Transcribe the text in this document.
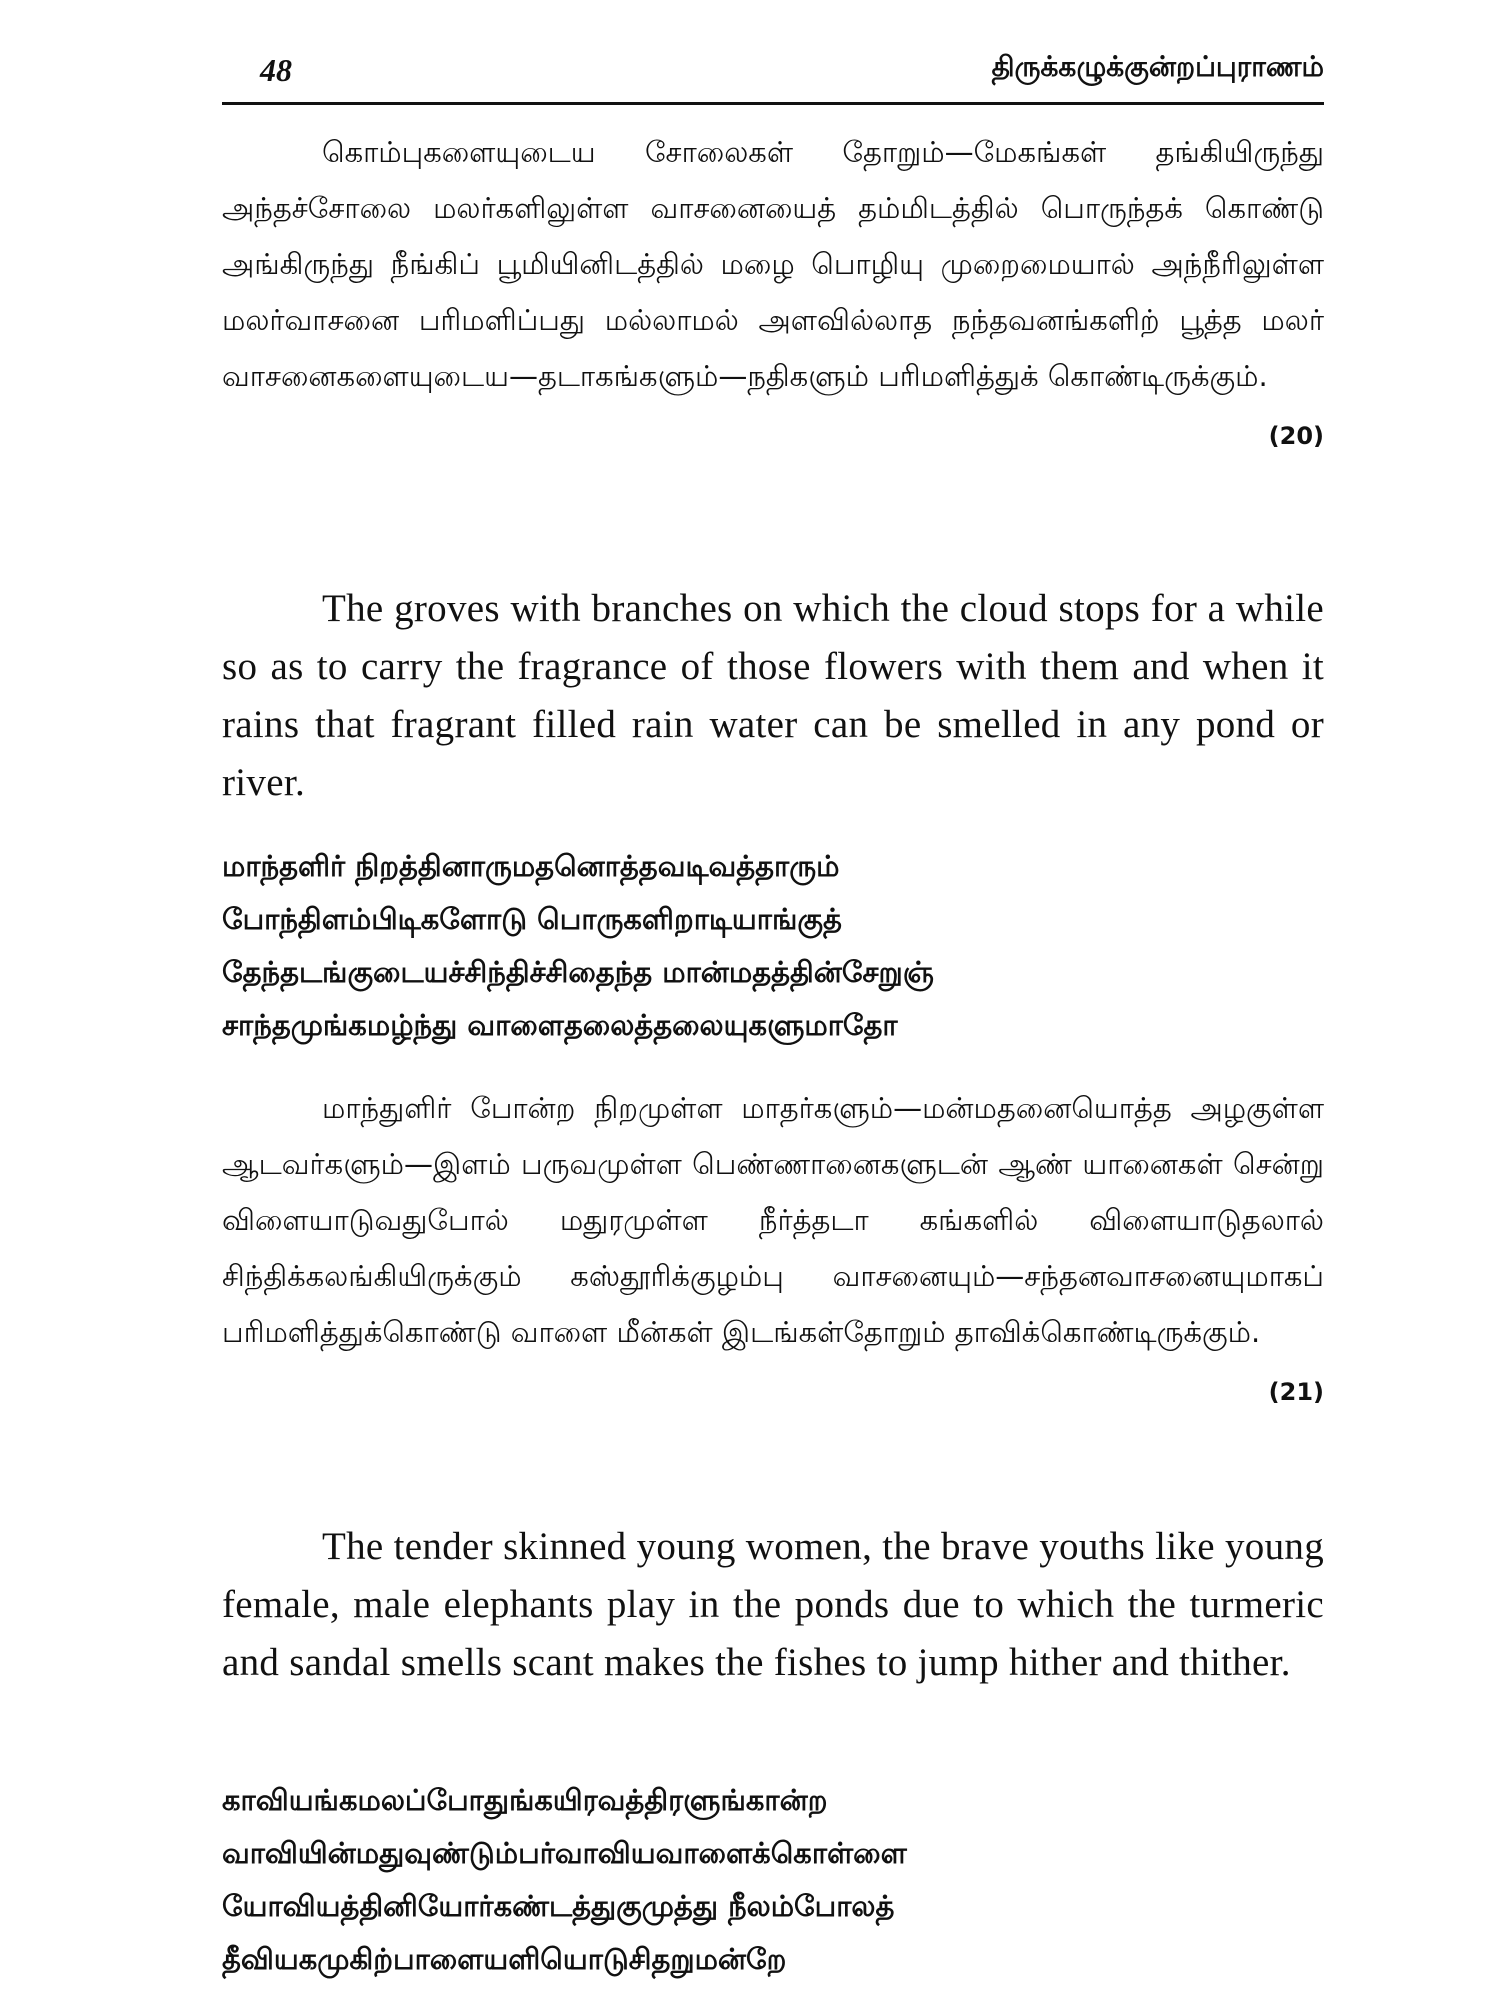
48	திருக்கழுக்குன்றப்புராணம்
கொம்புகளையுடைய சோலைகள் தோறும்—மேகங்கள் தங்கியிருந்து அந்தச்சோலை மலர்களிலுள்ள வாசனையைத் தம்மிடத்தில் பொருந்தக் கொண்டு அங்கிருந்து நீங்கிப் பூமியினிடத்தில் மழை பொழியு முறைமையால் அந்நீரிலுள்ள மலர்வாசனை பரிமளிப்பது மல்லாமல் அளவில்லாத நந்தவனங்களிற் பூத்த மலர் வாசனைகளையுடைய—தடாகங்களும்—நதிகளும் பரிமளித்துக் கொண்டிருக்கும்.
(20)
The groves with branches on which the cloud stops for a while so as to carry the fragrance of those flowers with them and when it rains that fragrant filled rain water can be smelled in any pond or river.
மாந்தளிர் நிறத்தினாருமதனொத்தவடிவத்தாரும்
போந்திளம்பிடிகளோடு பொருகளிறாடியாங்குத்
தேந்தடங்குடையச்சிந்திச்சிதைந்த மான்மதத்தின்சேறுஞ்
சாந்தமுங்கமழ்ந்து வாளைதலைத்தலையுகளுமாதோ
மாந்துளிர் போன்ற நிறமுள்ள மாதர்களும்—மன்மதனையொத்த அழகுள்ள ஆடவர்களும்—இளம் பருவமுள்ள பெண்ணானைகளுடன் ஆண் யானைகள் சென்று விளையாடுவதுபோல் மதுரமுள்ள நீர்த்தடா கங்களில் விளையாடுதலால் சிந்திக்கலங்கியிருக்கும் கஸ்தூரிக்குழம்பு வாசனையும்—சந்தனவாசனையுமாகப் பரிமளித்துக்கொண்டு வாளை மீன்கள் இடங்கள்தோறும் தாவிக்கொண்டிருக்கும்.
(21)
The tender skinned young women, the brave youths like young female, male elephants play in the ponds due to which the turmeric and sandal smells scant makes the fishes to jump hither and thither.
காவியங்கமலப்போதுங்கயிரவத்திரளுங்கான்ற
வாவியின்மதுவுண்டும்பர்வாவியவாளைக்கொள்ளை
யோவியத்தினியோர்கண்டத்துகுமுத்து நீலம்போலத்
தீவியகமுகிற்பாளையளியொடுசிதறுமன்றே
